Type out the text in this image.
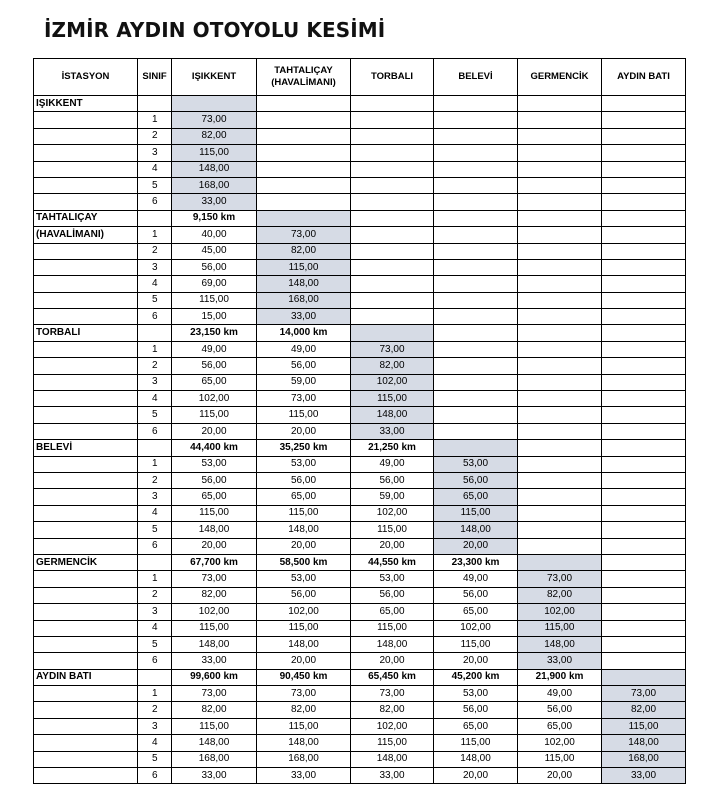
İZMİR AYDIN OTOYOLU KESİMİ
İSTASYON	SINIF	IŞIKKENT	TAHTALIÇAY
(HAVALİMANI)	TORBALI	BELEVİ	GERMENCİK	AYDIN BATI
IŞIKKENT							
	1	73,00					
	2	82,00					
	3	115,00					
	4	148,00					
	5	168,00					
	6	33,00					
TAHTALIÇAY		9,150 km					
(HAVALİMANI)	1	40,00	73,00				
	2	45,00	82,00				
	3	56,00	115,00				
	4	69,00	148,00				
	5	115,00	168,00				
	6	15,00	33,00				
TORBALI		23,150 km	14,000 km				
	1	49,00	49,00	73,00			
	2	56,00	56,00	82,00			
	3	65,00	59,00	102,00			
	4	102,00	73,00	115,00			
	5	115,00	115,00	148,00			
	6	20,00	20,00	33,00			
BELEVİ		44,400 km	35,250 km	21,250 km			
	1	53,00	53,00	49,00	53,00		
	2	56,00	56,00	56,00	56,00		
	3	65,00	65,00	59,00	65,00		
	4	115,00	115,00	102,00	115,00		
	5	148,00	148,00	115,00	148,00		
	6	20,00	20,00	20,00	20,00		
GERMENCİK		67,700 km	58,500 km	44,550 km	23,300 km		
	1	73,00	53,00	53,00	49,00	73,00	
	2	82,00	56,00	56,00	56,00	82,00	
	3	102,00	102,00	65,00	65,00	102,00	
	4	115,00	115,00	115,00	102,00	115,00	
	5	148,00	148,00	148,00	115,00	148,00	
	6	33,00	20,00	20,00	20,00	33,00	
AYDIN BATI		99,600 km	90,450 km	65,450 km	45,200 km	21,900 km	
	1	73,00	73,00	73,00	53,00	49,00	73,00
	2	82,00	82,00	82,00	56,00	56,00	82,00
	3	115,00	115,00	102,00	65,00	65,00	115,00
	4	148,00	148,00	115,00	115,00	102,00	148,00
	5	168,00	168,00	148,00	148,00	115,00	168,00
	6	33,00	33,00	33,00	20,00	20,00	33,00
